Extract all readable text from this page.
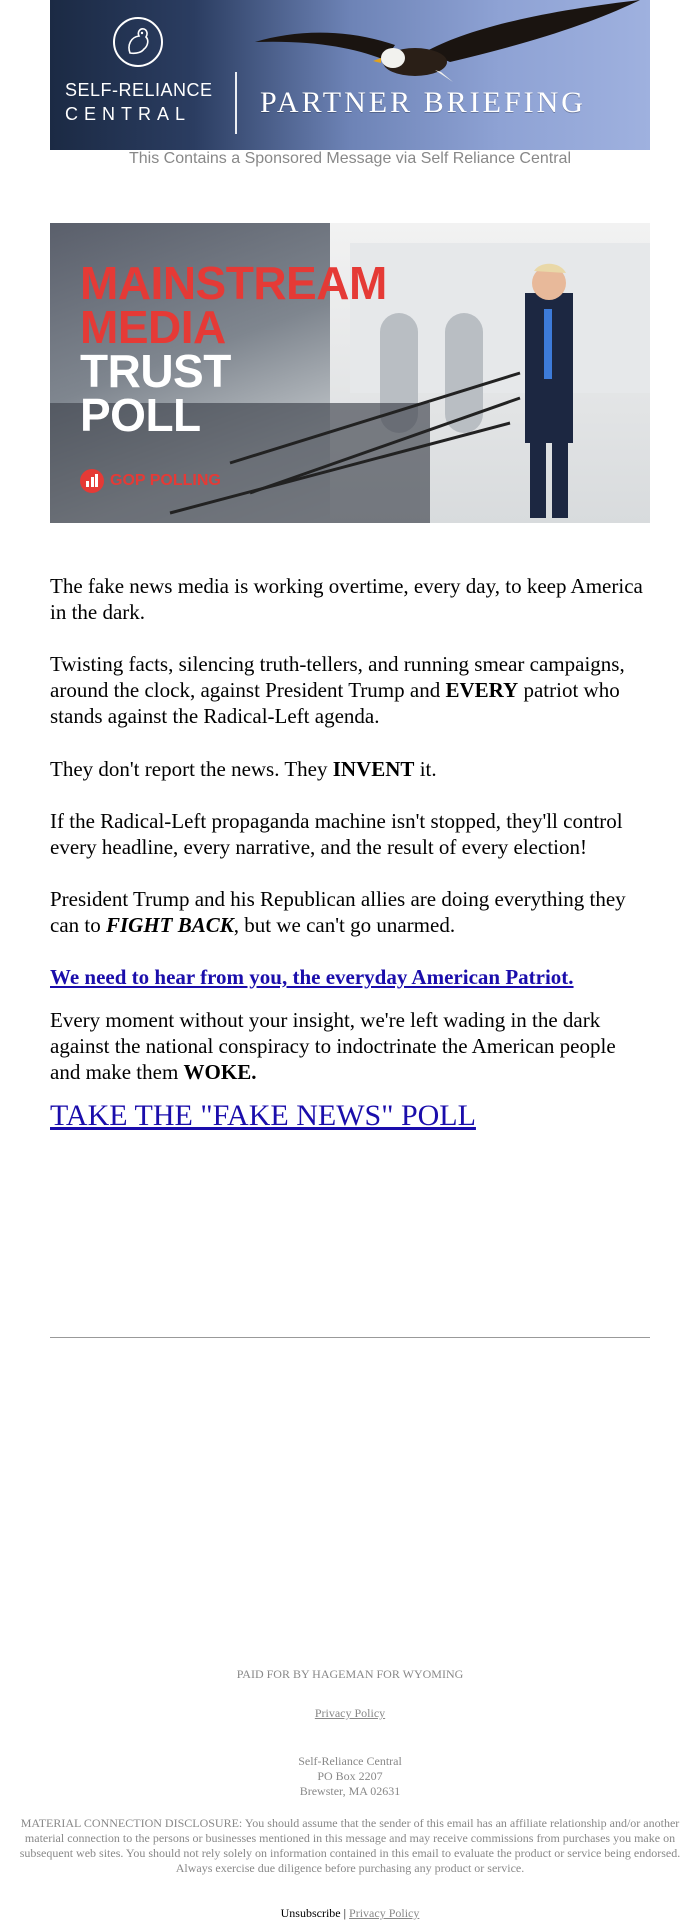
SELF-RELIANCE
CENTRAL PARTNER BRIEFING
This Contains a Sponsored Message via Self Reliance Central
MAINSTREAM
MEDIA
TRUST
POLL
GOP POLLING

The fake news media is working overtime, every day, to keep America in the dark.

Twisting facts, silencing truth-tellers, and running smear campaigns, around the clock, against President Trump and EVERY patriot who stands against the Radical-Left agenda.

They don't report the news. They INVENT it.

If the Radical-Left propaganda machine isn't stopped, they'll control every headline, every narrative, and the result of every election!

President Trump and his Republican allies are doing everything they can to FIGHT BACK, but we can't go unarmed.

We need to hear from you, the everyday American Patriot.

Every moment without your insight, we're left wading in the dark against the national conspiracy to indoctrinate the American people and make them WOKE.

TAKE THE "FAKE NEWS" POLL

PAID FOR BY HAGEMAN FOR WYOMING
Privacy Policy
Self-Reliance Central
PO Box 2207
Brewster, MA 02631
MATERIAL CONNECTION DISCLOSURE: You should assume that the sender of this email has an affiliate relationship and/or another material connection to the persons or businesses mentioned in this message and may receive commissions from purchases you make on subsequent web sites. You should not rely solely on information contained in this email to evaluate the product or service being endorsed. Always exercise due diligence before purchasing any product or service.
Unsubscribe | Privacy Policy
